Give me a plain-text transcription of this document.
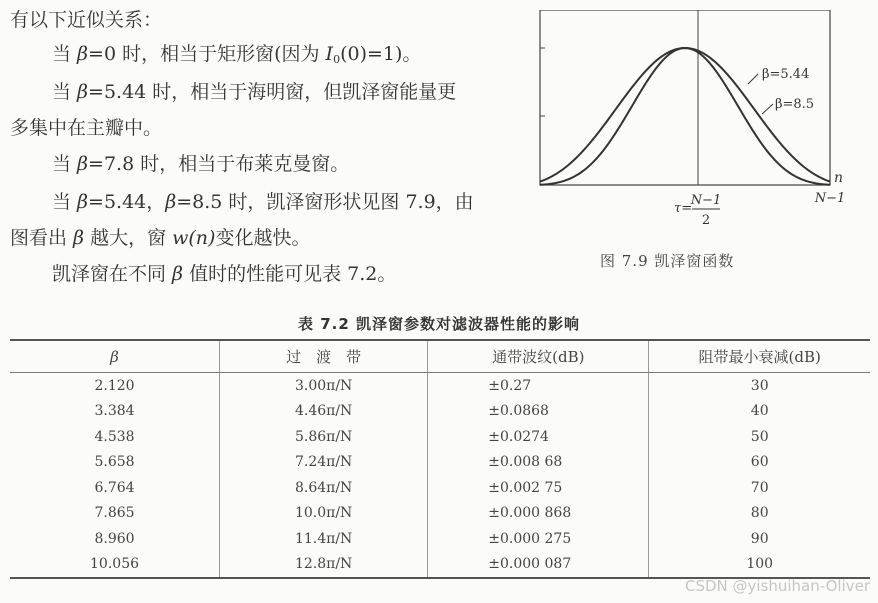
有以下近似关系：
当 β=0 时，相当于矩形窗(因为 $I_0(0)=1$)。
当 β=5.44 时，相当于海明窗，但凯泽窗能量更
多集中在主瓣中。
当 β=7.8 时，相当于布莱克曼窗。
当 β=5.44，β=8.5 时，凯泽窗形状见图 7.9，由
图看出 β 越大，窗 w(n)变化越快。
凯泽窗在不同 β 值时的性能可见表 7.2。
β=5.44
β=8.5
n
N−1
τ=
N−1
2
图 7.9 凯泽窗函数
表 7.2 凯泽窗参数对滤波器性能的影响
β	过　渡　带	通带波纹(dB)	阻带最小衰减(dB)
2.120	3.00π/N	±0.27	30
3.384	4.46π/N	±0.0868	40
4.538	5.86π/N	±0.0274	50
5.658	7.24π/N	±0.008 68	60
6.764	8.64π/N	±0.002 75	70
7.865	10.0π/N	±0.000 868	80
8.960	11.4π/N	±0.000 275	90
10.056	12.8π/N	±0.000 087	100
CSDN @yishuihan-Oliver
